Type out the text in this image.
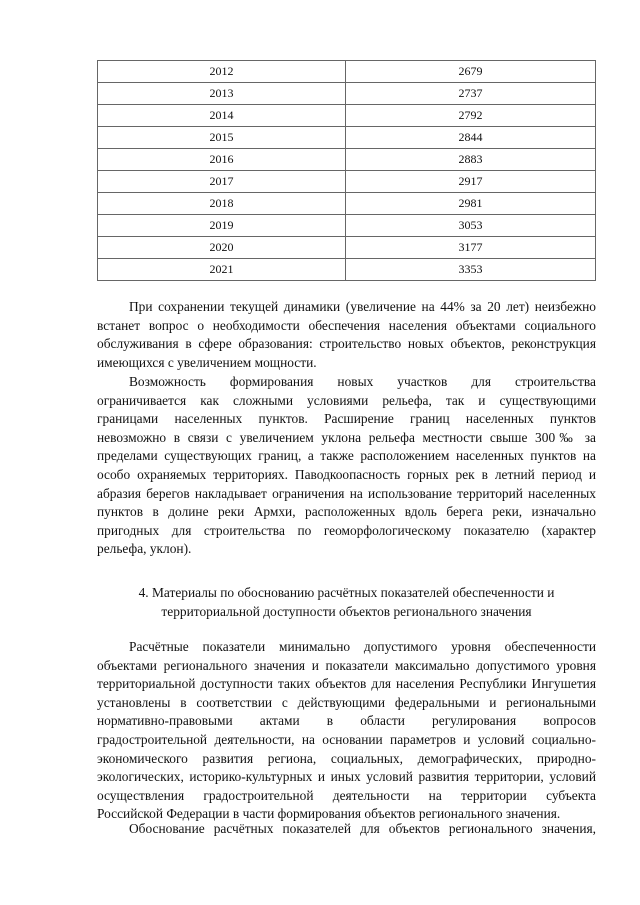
2012	2679
2013	2737
2014	2792
2015	2844
2016	2883
2017	2917
2018	2981
2019	3053
2020	3177
2021	3353
При сохранении текущей динамики (увеличение на 44% за 20 лет) неизбежно
встанет вопрос о необходимости обеспечения населения объектами социального
обслуживания в сфере образования: строительство новых объектов, реконструкция
имеющихся с увеличением мощности.
Возможность формирования новых участков для строительства
ограничивается как сложными условиями рельефа, так и существующими
границами населенных пунктов. Расширение границ населенных пунктов
невозможно в связи с увеличением уклона рельефа местности свыше 300‰ за
пределами существующих границ, а также расположением населенных пунктов на
особо охраняемых территориях. Паводкоопасность горных рек в летний период и
абразия берегов накладывает ограничения на использование территорий населенных
пунктов в долине реки Армхи, расположенных вдоль берега реки, изначально
пригодных для строительства по геоморфологическому показателю (характер
рельефа, уклон).
4. Материалы по обоснованию расчётных показателей обеспеченности и
территориальной доступности объектов регионального значения
Расчётные показатели минимально допустимого уровня обеспеченности
объектами регионального значения и показатели максимально допустимого уровня
территориальной доступности таких объектов для населения Республики Ингушетия
установлены в соответствии с действующими федеральными и региональными
нормативно-правовыми актами в области регулирования вопросов
градостроительной деятельности, на основании параметров и условий социально-
экономического развития региона, социальных, демографических, природно-
экологических, историко-культурных и иных условий развития территории, условий
осуществления градостроительной деятельности на территории субъекта
Российской Федерации в части формирования объектов регионального значения.
Обоснование расчётных показателей для объектов регионального значения,
